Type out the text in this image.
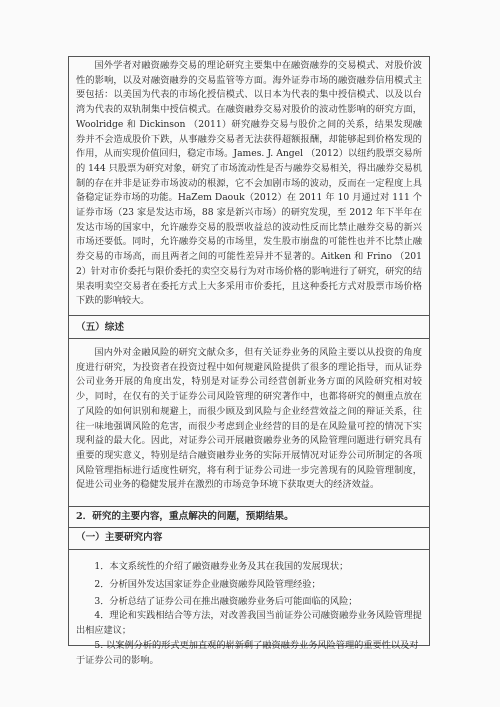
国外学者对融资融券交易的理论研究主要集中在融资融券的交易模式、对股价波性的影响，以及对融资融券的交易监管等方面。海外证券市场的融资融券信用模式主要包括：以美国为代表的市场化授信模式、以日本为代表的集中授信模式、以及以台湾为代表的双轨制集中授信模式。在融资融券交易对股价的波动性影响的研究方面，Woolridge 和 Dickinson （2011）研究融券交易与股价之间的关系，结果发现融券并不会造成股价下跌，从事融券交易者无法获得超额报酬，却能够起到价格发现的作用，从而实现价值回归，稳定市场。James. J. Angel （2012）以纽约股票交易所的 144 只股票为研究对象，研究了市场流动性是否与融券交易相关，得出融券交易机制的存在并非是证券市场波动的根源，它不会加剧市场的波动，反而在一定程度上具备稳定证券市场的功能。HaZem Daouk（2012）在 2011 年 10 月通过对 111 个证券市场（23 家是发达市场，88 家是新兴市场）的研究发现，至 2012 年下半年在发达市场的国家中，允许融券交易的股票收益总的波动性反而比禁止融券交易的新兴市场还要低。同时，允许融券交易的市场里，发生股市崩盘的可能性也并不比禁止融券交易的市场高，而且两者之间的可能性差异并不显著的。Aitken 和 Frino （2012）针对市价委托与限价委托的卖空交易行为对市场价格的影响进行了研究，研究的结果表明卖空交易者在委托方式上大多采用市价委托，且这种委托方式对股票市场价格下跌的影响较大。

（五）综述

国内外对金融风险的研究文献众多，但有关证券业务的风险主要以从投资的角度度进行研究，为投资者在投资过程中如何规避风险提供了很多的理论指导，而从证券公司业务开展的角度出发，特别是对证券公司经营创新业务方面的风险研究相对较少，同时，在仅有的关于证券公司风险管理的研究著作中，也都将研究的侧重点放在了风险的如何识别和规避上，而很少顾及到风险与企业经营效益之间的辩证关系，往往一味地强调风险的危害，而很少考虑到企业经营的目的是在风险量可控的情况下实现利益的最大化。因此，对证券公司开展融资融券业务的风险管理问题进行研究具有重要的现实意义，特别是结合融资融券业务的实际开展情况对证券公司所制定的各项风险管理指标进行适度性研究，将有利于证券公司进一步完善现有的风险管理制度，促进公司业务的稳健发展并在激烈的市场竞争环境下获取更大的经济效益。

2．研究的主要内容，重点解决的问题，预期结果。
（一）主要研究内容
1．本文系统性的介绍了融资融券业务及其在我国的发展现状；
2．分析国外发达国家证券企业融资融券风险管理经验；
3．分析总结了证券公司在推出融资融券业务后可能面临的风险；
4．理论和实践相结合等方法，对改善我国当前证券公司融资融券业务风险管理提出相应建议；
5. 以案例分析的形式更加直观的崭新剩了融资融券业务风险管理的重要性以及对于证券公司的影响。
